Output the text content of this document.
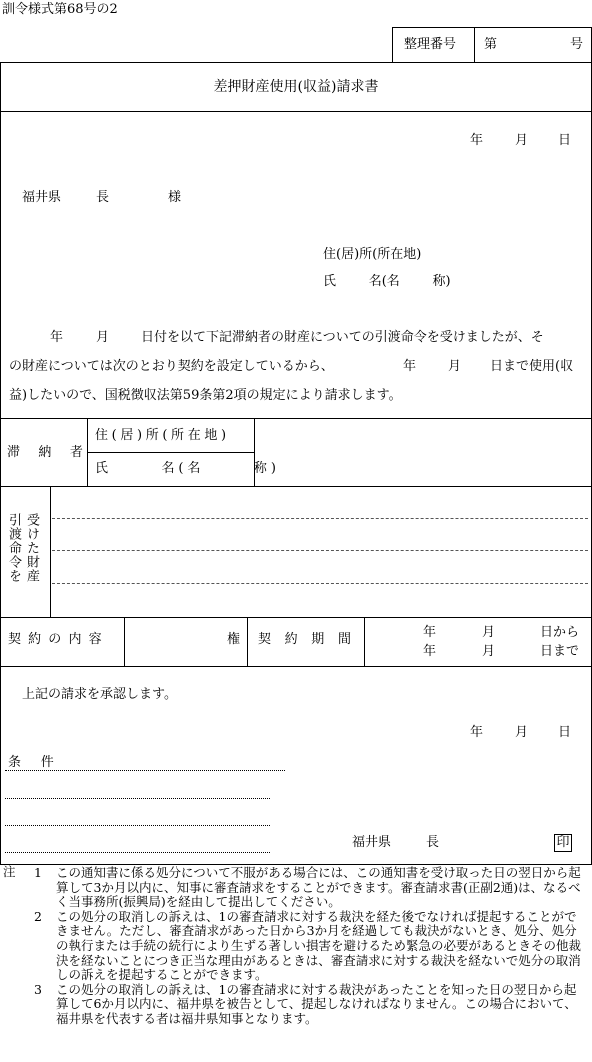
訓令様式第68号の2
整理番号 第	号
差押財産使用(収益)請求書
年 月 日
福井県	長	様
住(居)所(所在地)
氏 名(名 称)
年	月 日付を以て下記滞納者の財産についての引渡命令を受けましたが、そ
の財産については次のとおり契約を設定しているから、	年 月 日まで使用(収
益)したいので、国税徴収法第59条第2項の規定により請求します。
滞 納 者
住(居)所(所在地)
氏 名(名 称)
受けた財産
引渡命令を
契約の内容	権 契約期間	年	月	日から
年	月	日まで
上記の請求を承認します。
年 月 日
条 件
福井県	長	印
注	1	この通知書に係る処分について不服がある場合には、この通知書を受け取った日の翌日から起算して3か月以内に、知事に審査請求をすることができます。審査請求書(正副2通)は、なるべく当事務所(振興局)を経由して提出してください。
2	この処分の取消しの訴えは、1の審査請求に対する裁決を経た後でなければ提起することができません。ただし、審査請求があった日から3か月を経過しても裁決がないとき、処分、処分の執行または手続の続行により生ずる著しい損害を避けるため緊急の必要があるときその他裁決を経ないことにつき正当な理由があるときは、審査請求に対する裁決を経ないで処分の取消しの訴えを提起することができます。
3	この処分の取消しの訴えは、1の審査請求に対する裁決があったことを知った日の翌日から起算して6か月以内に、福井県を被告として、提起しなければなりません。この場合において、福井県を代表する者は福井県知事となります。
